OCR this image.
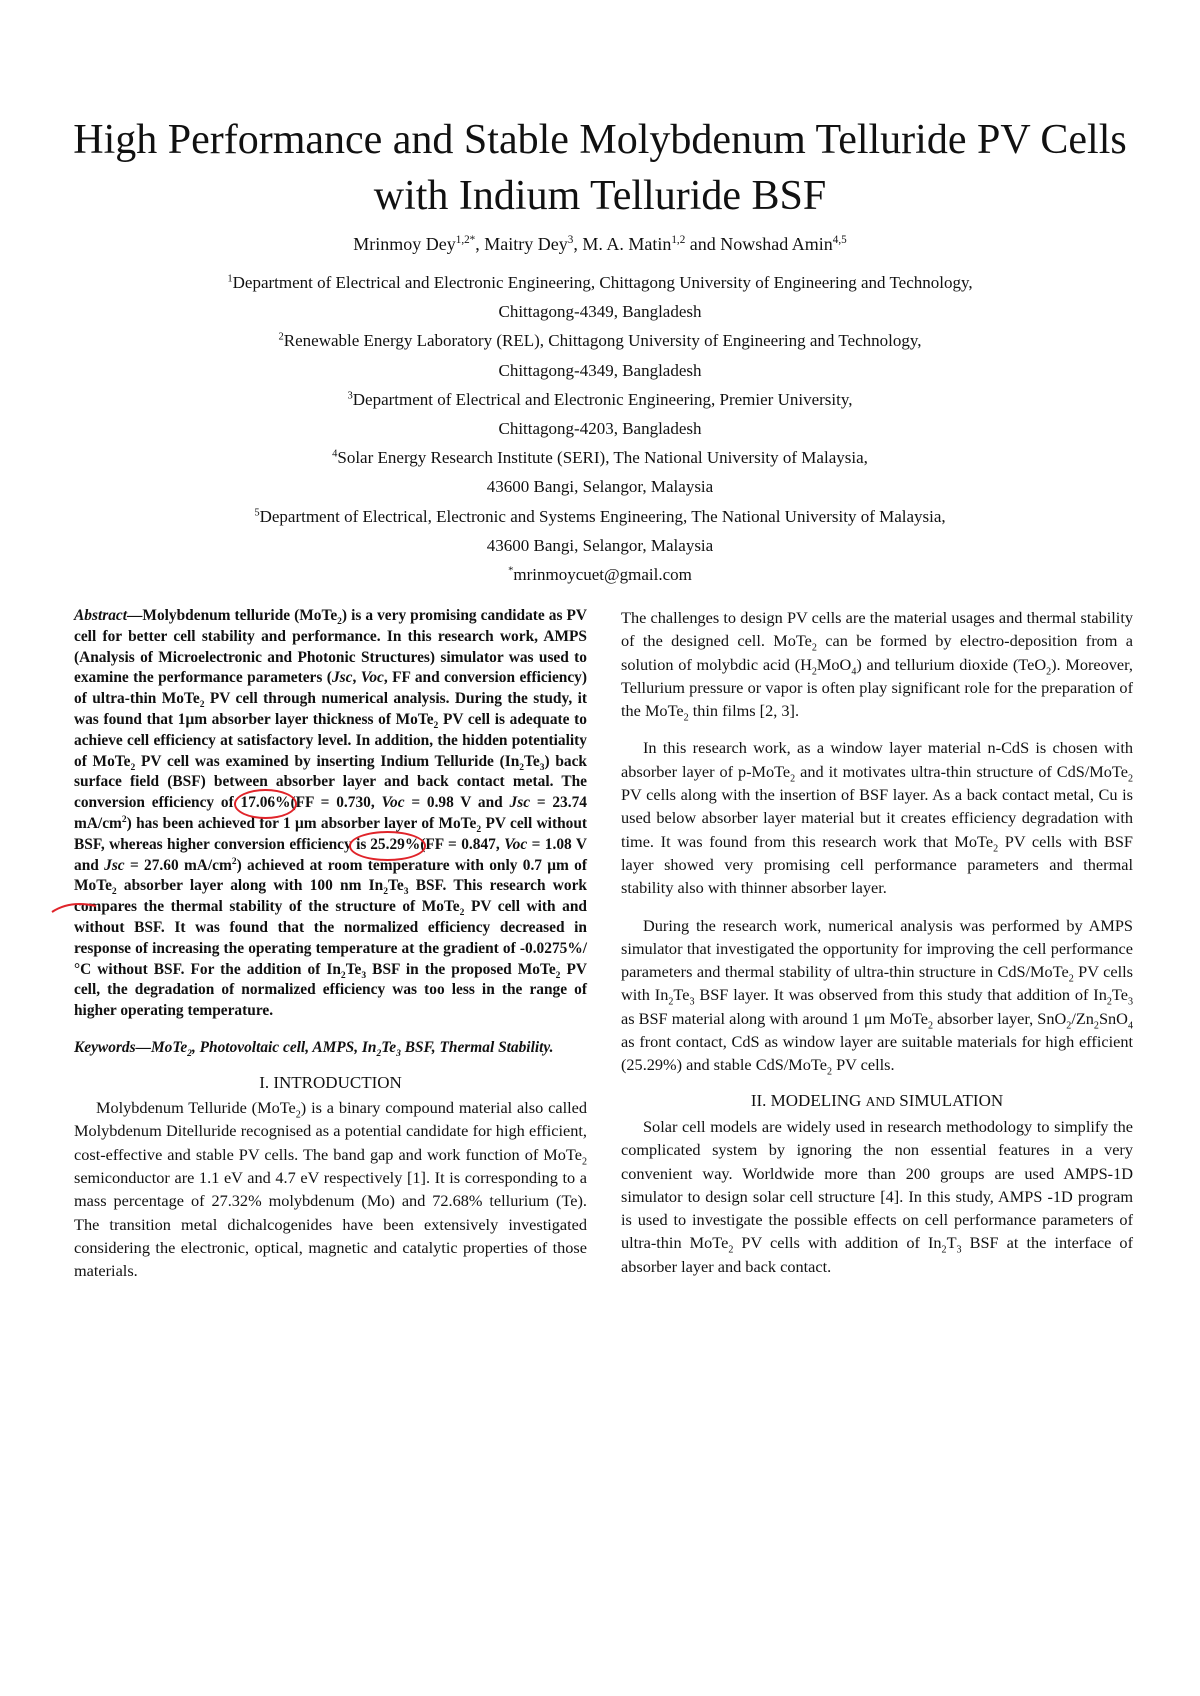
High Performance and Stable Molybdenum Telluride PV Cells with Indium Telluride BSF
Mrinmoy Dey$^{1,2*}$, Maitry Dey$^3$, M. A. Matin$^{1,2}$ and Nowshad Amin$^{4,5}$
$^1$Department of Electrical and Electronic Engineering, Chittagong University of Engineering and Technology,
Chittagong-4349, Bangladesh
$^2$Renewable Energy Laboratory (REL), Chittagong University of Engineering and Technology,
Chittagong-4349, Bangladesh
$^3$Department of Electrical and Electronic Engineering, Premier University,
Chittagong-4203, Bangladesh
$^4$Solar Energy Research Institute (SERI), The National University of Malaysia,
43600 Bangi, Selangor, Malaysia
$^5$Department of Electrical, Electronic and Systems Engineering, The National University of Malaysia,
43600 Bangi, Selangor, Malaysia
*mrinmoycuet@gmail.com

Abstract—Molybdenum telluride (MoTe$_2$) is a very promising candidate as PV cell for better cell stability and performance. In this research work, AMPS (Analysis of Microelectronic and Photonic Structures) simulator was used to examine the performance parameters (Jsc, Voc, FF and conversion efficiency) of ultra-thin MoTe$_2$ PV cell through numerical analysis. During the study, it was found that 1μm absorber layer thickness of MoTe$_2$ PV cell is adequate to achieve cell efficiency at satisfactory level. In addition, the hidden potentiality of MoTe$_2$ PV cell was examined by inserting Indium Telluride $(In_2Te_3)$ back surface field (BSF) between absorber layer and back contact metal. The conversion efficiency of 17.06%
(FF = 0.730, Voc = 0.98 V and Jsc = 23.74 $mA/cm^2$) has been achieved for 1 μm absorber layer of MoTe$_2$ PV cell without BSF, whereas higher conversion efficiency is 25.29%
(FF = 0.847, Voc = 1.08 V and Jsc = 27.60 $mA/cm^2$) achieved at room temperature with only 0.7 μm of MoTe$_2$ absorber layer along with 100 nm $In_2Te_3$ BSF. This research work compares the thermal stability of the structure of MoTe$_2$ PV cell with and without BSF. It was found that the normalized efficiency decreased in response of increasing the operating temperature at the gradient of -0.0275%/°C without BSF. For the addition of $In_2Te_3$ BSF in the proposed MoTe$_2$ PV cell, the degradation of normalized efficiency was too less in the range of higher operating temperature.

Keywords—MoTe$_2$, Photovoltaic cell, AMPS, $In_2Te_3$ BSF, Thermal Stability.

I. INTRODUCTION

Molybdenum Telluride (MoTe$_2$) is a binary compound material also called Molybdenum Ditelluride recognised as a potential candidate for high efficient, cost-effective and stable PV cells. The band gap and work function of MoTe$_2$ semiconductor are 1.1 eV and 4.7 eV respectively [1]. It is corresponding to a mass percentage of 27.32% molybdenum (Mo) and 72.68% tellurium (Te). The transition metal dichalcogenides have been extensively investigated considering the electronic, optical, magnetic and catalytic properties of those materials.

The challenges to design PV cells are the material usages and thermal stability of the designed cell. MoTe$_2$ can be formed by electro-deposition from a solution of molybdic acid $(H_2MoO_4)$ and tellurium dioxide (TeO$_2$). Moreover, Tellurium pressure or vapor is often play significant role for the preparation of the MoTe$_2$ thin films [2, 3].

In this research work, as a window layer material n-CdS is chosen with absorber layer of p-MoTe$_2$ and it motivates ultra-thin structure of CdS/MoTe$_2$ PV cells along with the insertion of BSF layer. As a back contact metal, Cu is used below absorber layer material but it creates efficiency degradation with time. It was found from this research work that MoTe$_2$ PV cells with BSF layer showed very promising cell performance parameters and thermal stability also with thinner absorber layer.

During the research work, numerical analysis was performed by AMPS simulator that investigated the opportunity for improving the cell performance parameters and thermal stability of ultra-thin structure in CdS/MoTe$_2$ PV cells with $In_2Te_3$ BSF layer. It was observed from this study that addition of $In_2Te_3$ as BSF material along with around 1 μm MoTe$_2$ absorber layer, $SnO_2/Zn_2SnO_4$ as front contact, CdS as window layer are suitable materials for high efficient (25.29%) and stable CdS/MoTe$_2$ PV cells.

II. MODELING AND SIMULATION

Solar cell models are widely used in research methodology to simplify the complicated system by ignoring the non essential features in a very convenient way. Worldwide more than 200 groups are used AMPS-1D simulator to design solar cell structure [4]. In this study, AMPS -1D program is used to investigate the possible effects on cell performance parameters of ultra-thin MoTe$_2$ PV cells with addition of $In_2T_3$ BSF at the interface of absorber layer and back contact.
